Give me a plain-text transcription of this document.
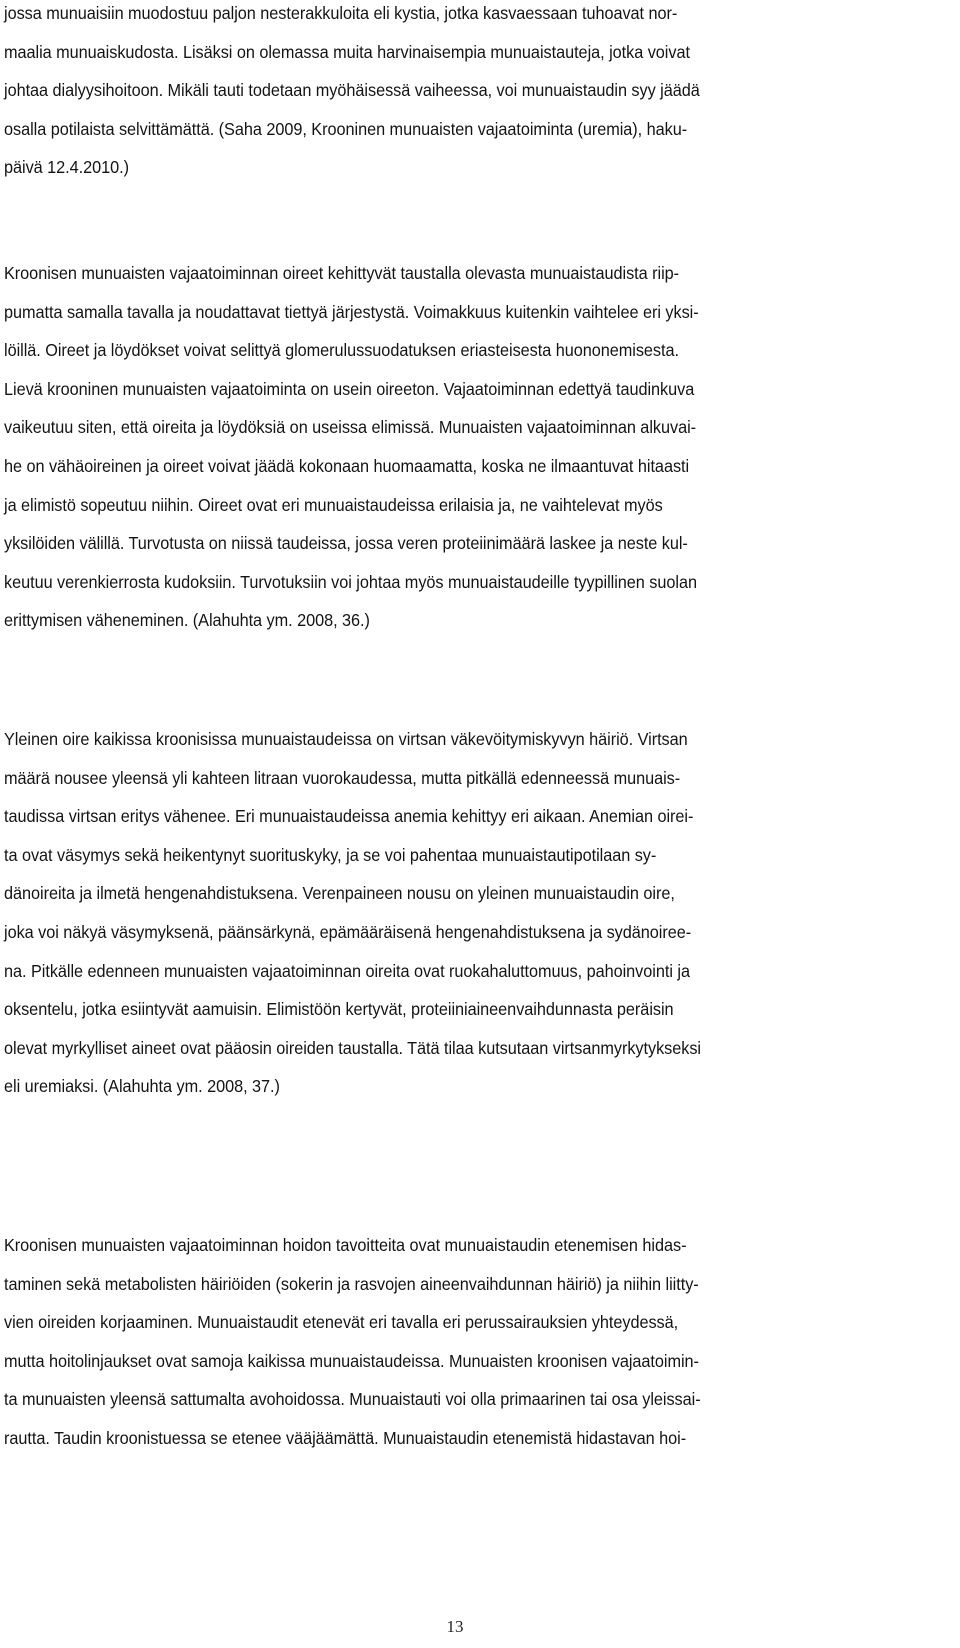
jossa munuaisiin muodostuu paljon nesterakkuloita eli kystia, jotka kasvaessaan tuhoavat nor-
maalia munuaiskudosta. Lisäksi on olemassa muita harvinaisempia munuaistauteja, jotka voivat
johtaa dialyysihoitoon. Mikäli tauti todetaan myöhäisessä vaiheessa, voi munuaistaudin syy jäädä
osalla potilaista selvittämättä. (Saha 2009, Krooninen munuaisten vajaatoiminta (uremia), haku-
päivä 12.4.2010.)
Kroonisen munuaisten vajaatoiminnan oireet kehittyvät taustalla olevasta munuaistaudista riip-
pumatta samalla tavalla ja noudattavat tiettyä järjestystä. Voimakkuus kuitenkin vaihtelee eri yksi-
löillä. Oireet ja löydökset voivat selittyä glomerulussuodatuksen eriasteisesta huononemisesta.
Lievä krooninen munuaisten vajaatoiminta on usein oireeton. Vajaatoiminnan edettyä taudinkuva
vaikeutuu siten, että oireita ja löydöksiä on useissa elimissä. Munuaisten vajaatoiminnan alkuvai-
he on vähäoireinen ja oireet voivat jäädä kokonaan huomaamatta, koska ne ilmaantuvat hitaasti
ja elimistö sopeutuu niihin. Oireet ovat eri munuaistaudeissa erilaisia ja, ne vaihtelevat myös
yksilöiden välillä. Turvotusta on niissä taudeissa, jossa veren proteiinimäärä laskee ja neste kul-
keutuu verenkierrosta kudoksiin. Turvotuksiin voi johtaa myös munuaistaudeille tyypillinen suolan
erittymisen väheneminen. (Alahuhta ym. 2008, 36.)
Yleinen oire kaikissa kroonisissa munuaistaudeissa on virtsan väkevöitymiskyvyn häiriö. Virtsan
määrä nousee yleensä yli kahteen litraan vuorokaudessa, mutta pitkällä edenneessä munuais-
taudissa virtsan eritys vähenee. Eri munuaistaudeissa anemia kehittyy eri aikaan. Anemian oirei-
ta ovat väsymys sekä heikentynyt suorituskyky, ja se voi pahentaa munuaistautipotilaan sy-
dänoireita ja ilmetä hengenahdistuksena. Verenpaineen nousu on yleinen munuaistaudin oire,
joka voi näkyä väsymyksenä, päänsärkynä, epämääräisenä hengenahdistuksena ja sydänoiree-
na. Pitkälle edenneen munuaisten vajaatoiminnan oireita ovat ruokahaluttomuus, pahoinvointi ja
oksentelu, jotka esiintyvät aamuisin. Elimistöön kertyvät, proteiiniaineenvaihdunnasta peräisin
olevat myrkylliset aineet ovat pääosin oireiden taustalla. Tätä tilaa kutsutaan virtsanmyrkytykseksi
eli uremiaksi. (Alahuhta ym. 2008, 37.)
Kroonisen munuaisten vajaatoiminnan hoidon tavoitteita ovat munuaistaudin etenemisen hidas-
taminen sekä metabolisten häiriöiden (sokerin ja rasvojen aineenvaihdunnan häiriö) ja niihin liitty-
vien oireiden korjaaminen. Munuaistaudit etenevät eri tavalla eri perussairauksien yhteydessä,
mutta hoitolinjaukset ovat samoja kaikissa munuaistaudeissa. Munuaisten kroonisen vajaatoimin-
ta munuaisten yleensä sattumalta avohoidossa. Munuaistauti voi olla primaarinen tai osa yleissai-
rautta. Taudin kroonistuessa se etenee vääjäämättä. Munuaistaudin etenemistä hidastavan hoi-
13
